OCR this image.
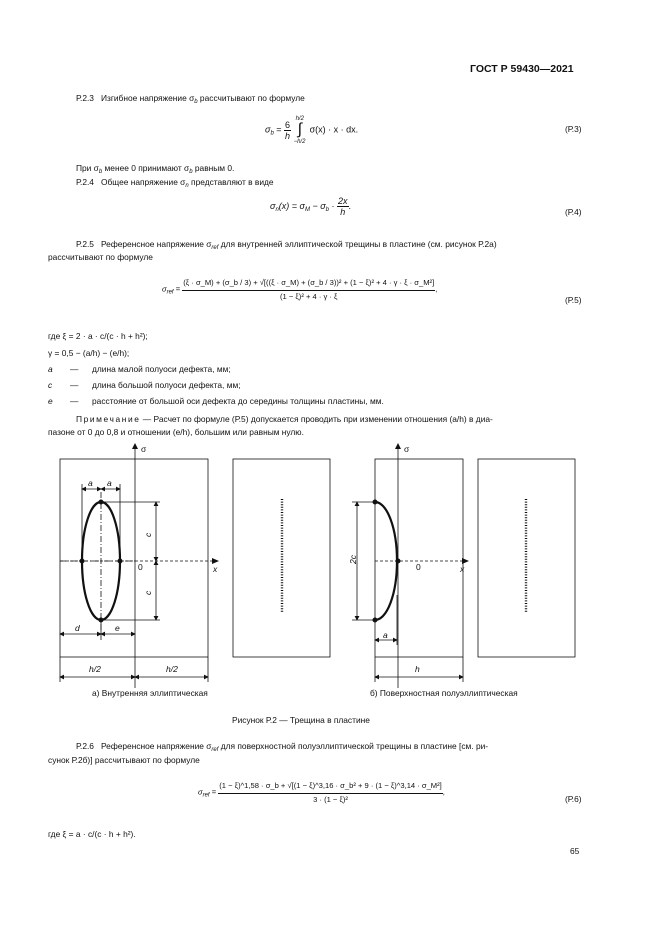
ГОСТ Р 59430—2021
Р.2.3 Изгибное напряжение $\sigma_b$ рассчитывают по формуле
$\sigma_b = \frac{6}{h}$

h/2
∫
−h/2
σ(x) · x · dx.	(Р.3)
При $\sigma_b$ менее 0 принимают $\sigma_b$ равным 0.
Р.2.4 Общее напряжение $\sigma_n$ представляют в виде
$\sigma_n(x) = \sigma_M - \sigma_b \cdot \frac{2x}{h}$ .
(Р.4)
Р.2.5 Референсное напряжение $\sigma_{ref}$ для внутренней эллиптической трещины в пластине (см. рисунок Р.2а)
рассчитывают по формуле
$\sigma_{ref}$ =
(ξ · σ_M) + (σ_b / 3) + √[((ξ · σ_M) + (σ_b / 3))² + (1 − ξ)² + 4 · γ · ξ · σ_M²]
(1 − ξ)² + 4 · γ · ξ
,
(Р.5)
где ξ = 2 · a · c/(c · h + h²);
γ = 0,5 − (a/h) − (e/h);
a — длина малой полуоси дефекта, мм;
c — длина большой полуоси дефекта, мм;
e — расстояние от большой оси дефекта до середины толщины пластины, мм.
Примечание — Расчет по формуле (Р.5) допускается проводить при изменении отношения (a/h) в диа-
пазоне от 0 до 0,8 и отношении (e/h), большим или равным нулю.
σ
x
0
a a
c
c
d	e
h/2	h/2
σ
x
0
2c
a
h
а) Внутренняя эллиптическая	б) Поверхностная полуэллиптическая
Рисунок Р.2 — Трещина в пластине
Р.2.6 Референсное напряжение $\sigma_{ref}$ для поверхностной полуэллиптической трещины в пластине [см. ри-
сунок Р.2б)] рассчитывают по формуле
$\sigma_{ref}$ =
(1 − ξ)^1,58 · σ_b + √[(1 − ξ)^3,16 · σ_b² + 9 · (1 − ξ)^3,14 · σ_M²]
3 · (1 − ξ)²
,
(Р.6)
где ξ = a · c/(c · h + h²).
65
